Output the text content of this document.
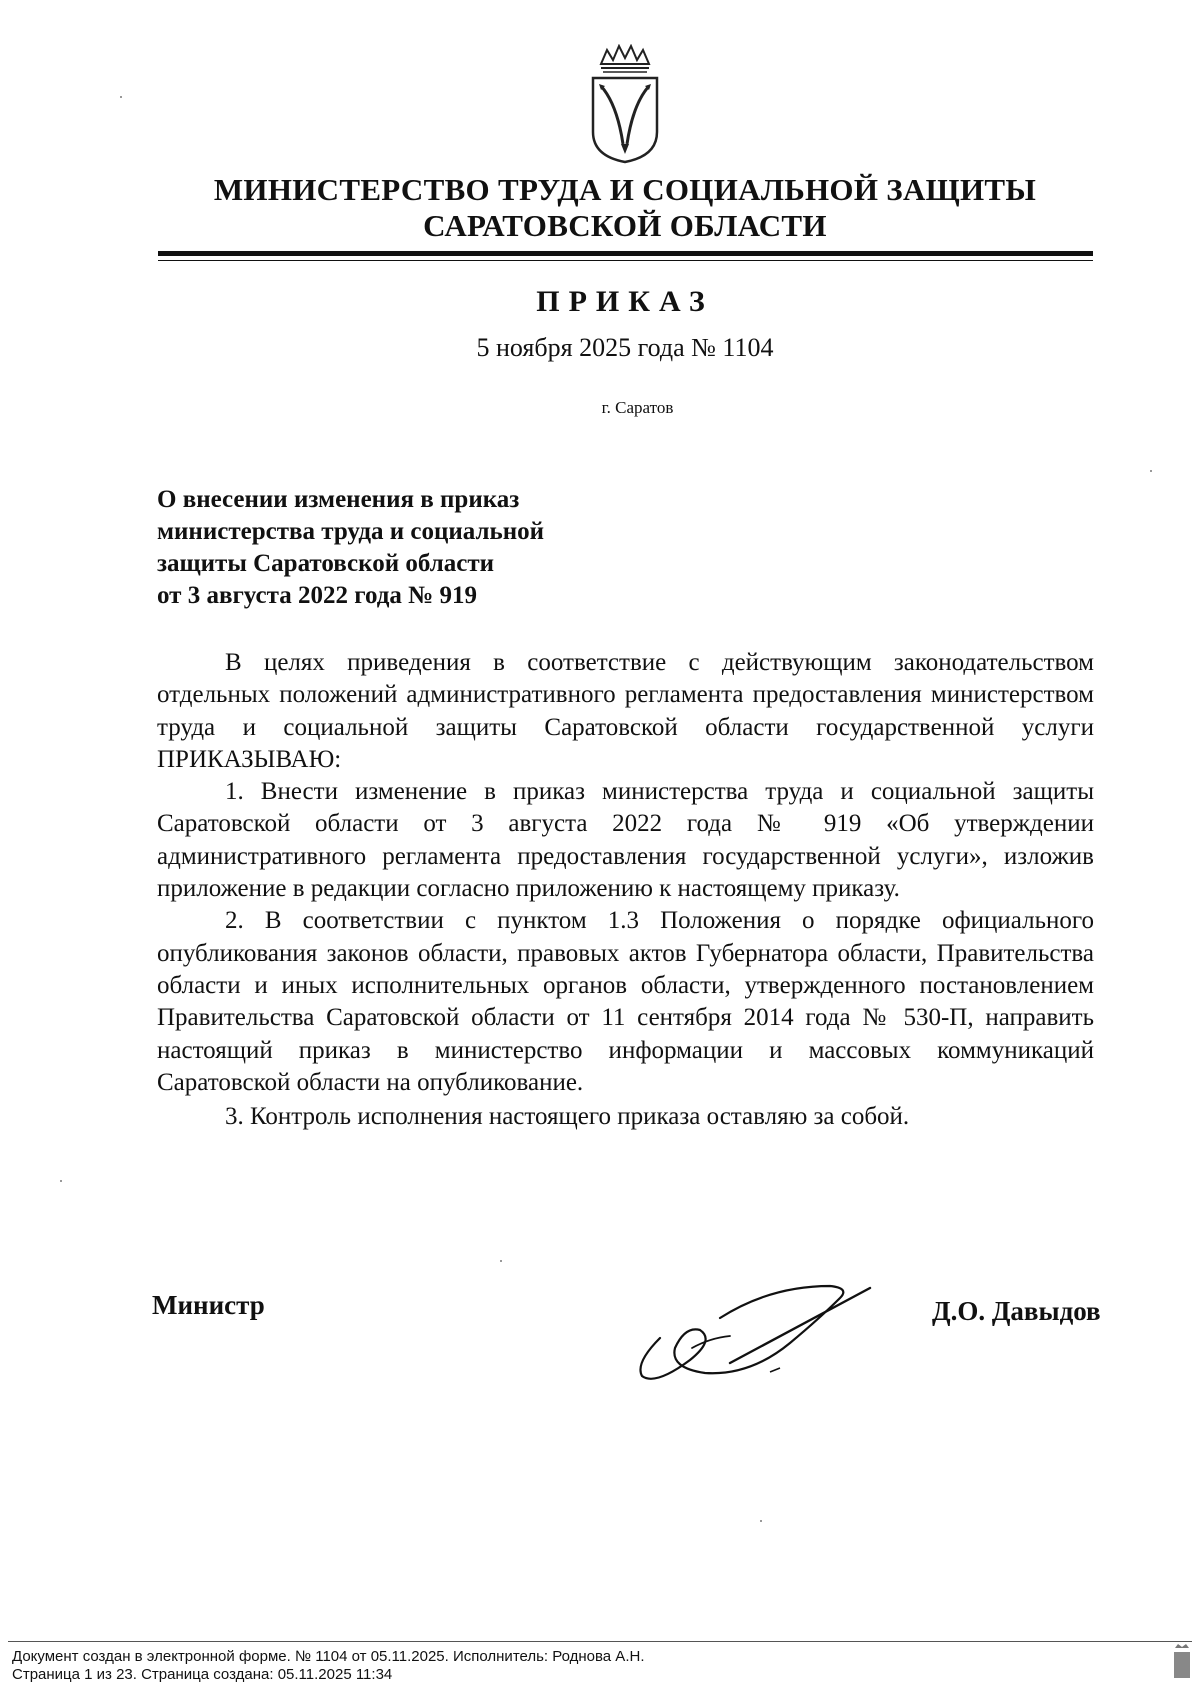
МИНИСТЕРСТВО ТРУДА И СОЦИАЛЬНОЙ ЗАЩИТЫ
САРАТОВСКОЙ ОБЛАСТИ
ПРИКАЗ
5 ноября 2025 года № 1104
г. Саратов
О внесении изменения в приказ
министерства труда и социальной
защиты Саратовской области
от 3 августа 2022 года № 919

В целях приведения в соответствие с действующим законодательством отдельных положений административного регламента предоставления министерством труда и социальной защиты Саратовской области государственной услуги ПРИКАЗЫВАЮ:

1. Внести изменение в приказ министерства труда и социальной защиты Саратовской области от 3 августа 2022 года № 919 «Об утверждении административного регламента предоставления государственной услуги», изложив приложение в редакции согласно приложению к настоящему приказу.

2. В соответствии с пунктом 1.3 Положения о порядке официального опубликования законов области, правовых актов Губернатора области, Правительства области и иных исполнительных органов области, утвержденного постановлением Правительства Саратовской области от 11 сентября 2014 года № 530-П, направить настоящий приказ в министерство информации и массовых коммуникаций Саратовской области на опубликование.

3. Контроль исполнения настоящего приказа оставляю за собой.

Министр	Д.О. Давыдов
Документ создан в электронной форме. № 1104 от 05.11.2025. Исполнитель: Роднова А.Н.
Страница 1 из 23. Страница создана: 05.11.2025 11:34
